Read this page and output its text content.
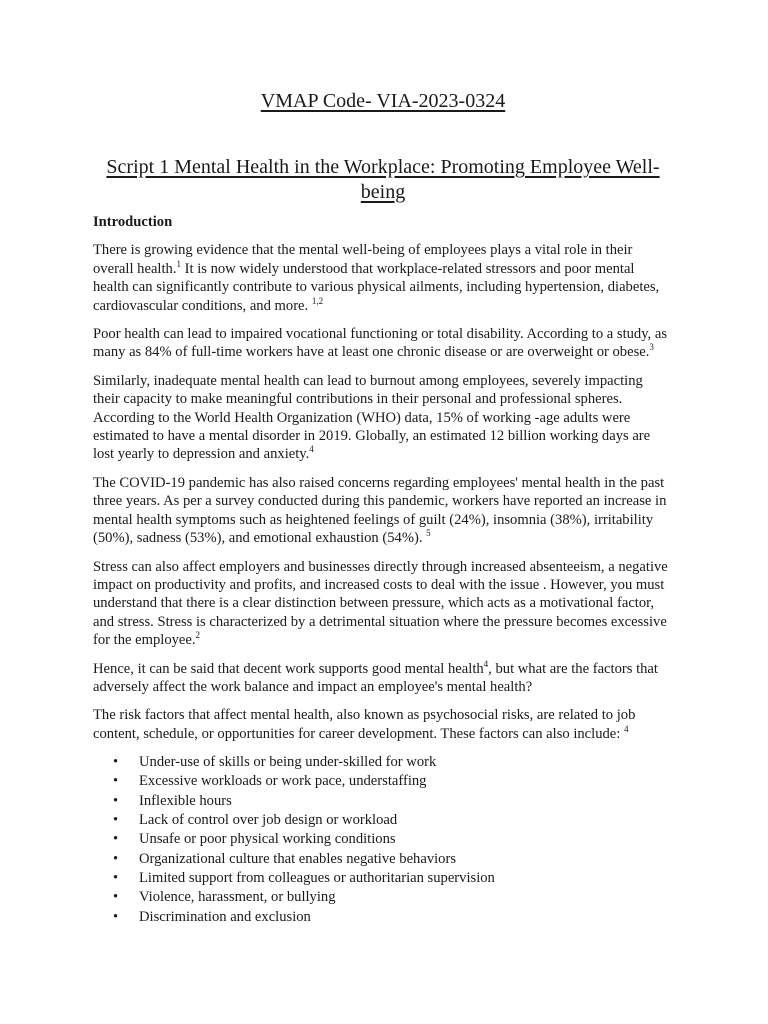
VMAP Code- VIA-2023-0324
Script 1 Mental Health in the Workplace: Promoting Employee Well-being
Introduction

There is growing evidence that the mental well-being of employees plays a vital role in their overall health.$^1$ It is now widely understood that workplace-related stressors and poor mental health can significantly contribute to various physical ailments, including hypertension, diabetes, cardiovascular conditions, and more. $^{1,2}$

Poor health can lead to impaired vocational functioning or total disability. According to a study, as many as 84% of full-time workers have at least one chronic disease or are overweight or obese.$^3$

Similarly, inadequate mental health can lead to burnout among employees, severely impacting their capacity to make meaningful contributions in their personal and professional spheres. According to the World Health Organization (WHO) data, 15% of working -age adults were estimated to have a mental disorder in 2019. Globally, an estimated 12 billion working days are lost yearly to depression and anxiety.$^4$

The COVID-19 pandemic has also raised concerns regarding employees' mental health in the past three years. As per a survey conducted during this pandemic, workers have reported an increase in mental health symptoms such as heightened feelings of guilt (24%), insomnia (38%), irritability (50%), sadness (53%), and emotional exhaustion (54%). $^5$

Stress can also affect employers and businesses directly through increased absenteeism, a negative impact on productivity and profits, and increased costs to deal with the issue . However, you must understand that there is a clear distinction between pressure, which acts as a motivational factor, and stress. Stress is characterized by a detrimental situation where the pressure becomes excessive for the employee.$^2$

Hence, it can be said that decent work supports good mental health$^4$, but what are the factors that adversely affect the work balance and impact an employee's mental health?

The risk factors that affect mental health, also known as psychosocial risks, are related to job content, schedule, or opportunities for career development. These factors can also include: $^4$

• Under-use of skills or being under-skilled for work
• Excessive workloads or work pace, understaffing
• Inflexible hours
• Lack of control over job design or workload
• Unsafe or poor physical working conditions
• Organizational culture that enables negative behaviors
• Limited support from colleagues or authoritarian supervision
• Violence, harassment, or bullying
• Discrimination and exclusion
